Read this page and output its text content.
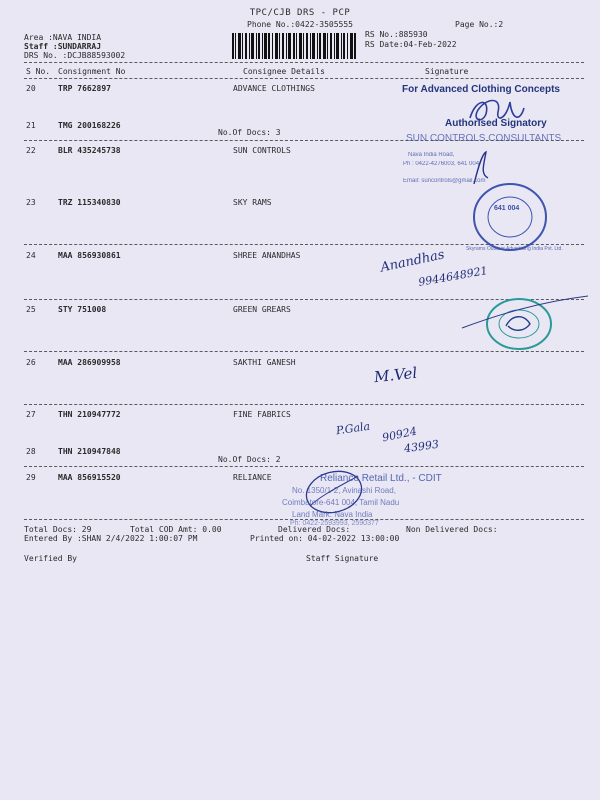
TPC/CJB DRS - PCP
Phone No.:0422-3505555	Page No.:2
Area :NAVA INDIA
Staff :SUNDARRAJ
DRS No. :DCJB88593002
RS No.:885930
RS Date:04-Feb-2022
S No. Consignment No	Consignee Details	Signature
20	TRP 7662897	ADVANCE CLOTHINGS
21	TMG 200168226
No.Of Docs: 3
22	BLR 435245738	SUN CONTROLS
23	TRZ 115340830	SKY RAMS
24	MAA 856930861	SHREE ANANDHAS
25	STY 751008	GREEN GREARS
26	MAA 286909958	SAKTHI GANESH
27	THN 210947772	FINE FABRICS
28	THN 210947848
No.Of Docs: 2
29	MAA 856915520	RELIANCE
Total Docs: 29	Total COD Amt: 0.00	Delivered Docs:	Non Delivered Docs:
Entered By :SHAN 2/4/2022 1:00:07 PM	Printed on: 04-02-2022 13:00:00
Verified By	Staff Signature
For Advanced Clothing Concepts
Authorised Signatory
SUN CONTROLS CONSULTANTS
Nava India Road,
Ph : 0422-4276003, 641 004
Email: suncontrols@gmail.com
641 004
Skyrams Outdoor Advertising India Pvt. Ltd.
Anandhas
9944648921
M.Vel
P.Gala 90924
43993
Reliance Retail Ltd., - CDIT
No. 1350/1-2, Avinashi Road,
Coimbatore-641 004, Tamil Nadu
Land Mark: Nava India
Ph: 0422-2593993, 2590377
